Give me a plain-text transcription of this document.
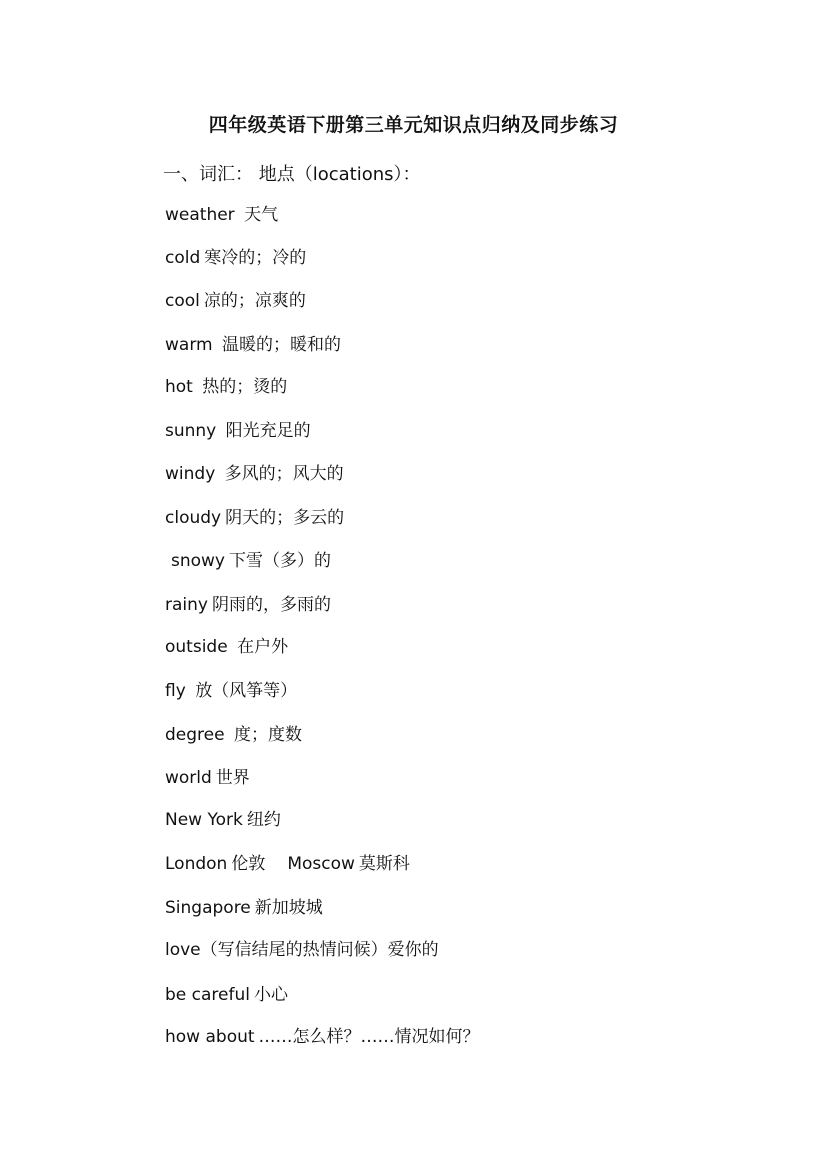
四年级英语下册第三单元知识点归纳及同步练习
一、词汇： 地点（locations）：
weather 天气
cold 寒冷的；冷的
cool 凉的；凉爽的
warm 温暖的；暖和的
hot 热的；烫的
sunny 阳光充足的
windy 多风的；风大的
cloudy 阴天的；多云的
snowy 下雪（多）的
rainy 阴雨的，多雨的
outside 在户外
fly 放（风筝等）
degree 度；度数
world 世界
New York 纽约
London 伦敦 Moscow 莫斯科
Singapore 新加坡城
love（写信结尾的热情问候）爱你的
be careful 小心
how about ……怎么样？……情况如何？
